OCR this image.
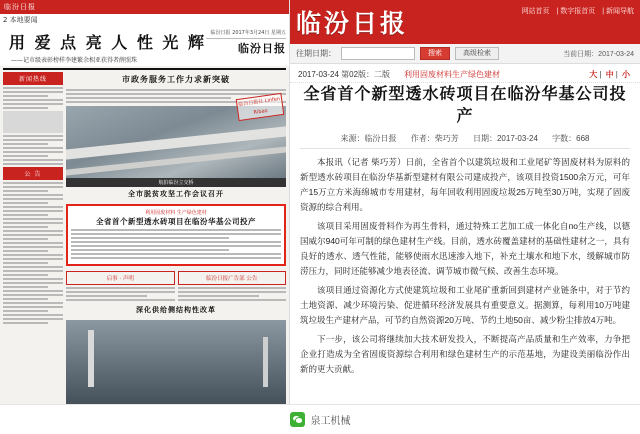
临汾日报
2 本地要闻
用 爱 点 亮 人 性 光 辉
——记市级表彰榜样李建繁余相亚获得者薛照珠
临汾日报 2017年3月24日 星期五
临汾日报
新闻热线
公 告
市政务服务工作力求新突破
航拍临汾立交桥
全市脱贫攻坚工作会议召开
利用固废材料 生产绿色建材
全省首个新型透水砖项目在临汾华基公司投产
启事 · 声明	临汾日报广告部 公告
深化供给侧结构性改革
临汾日报社 Linfen Ribao
临汾日报	网站首页 | 数字报首页 | 新闻导航
往期日期：	搜索	高级检索	当前日期：2017-03-24
2017-03-24 第02版：二版 利用固废材料生产绿色建材	大 | 中 | 小
全省首个新型透水砖项目在临汾华基公司投产
来源：临汾日报 作者：柴巧芳 日期：2017-03-24 字数：668

本报讯（记者 柴巧芳）日前，全省首个以建筑垃圾和工业尾矿等固废材料为原料的新型透水砖项目在临汾华基新型建材有限公司建成投产，该项目投资1500余万元，可年产15万立方米海绵城市专用建材，每年回收利用固废垃圾25万吨至30万吨，实现了固废资源的综合利用。

该项目采用固废骨料作为再生骨料，通过特殊工艺加工成一体化自по生产线，以德国威尔940可年可制的绿色建材生产线。目前，透水砖覆盖建材的基础性建材之一，具有良好的透水、透气性能，能够使雨水迅速渗入地下，补充土壤水和地下水，缓解城市防涝压力，同时还能够减少地表径流、调节城市微气候、改善生态环境。

该项目通过资源化方式使建筑垃圾和工业尾矿重新回到建材产业链条中，对于节约土地资源、减少环境污染、促进循环经济发展具有重要意义。据测算，每利用10万吨建筑垃圾生产建材产品，可节约自然资源20万吨、节约土地50亩、减少粉尘排放4万吨。

下一步，该公司将继续加大技术研发投入，不断提高产品质量和生产效率，力争把企业打造成为全省固废资源综合利用和绿色建材生产的示范基地，为建设美丽临汾作出新的更大贡献。

泉工机械
